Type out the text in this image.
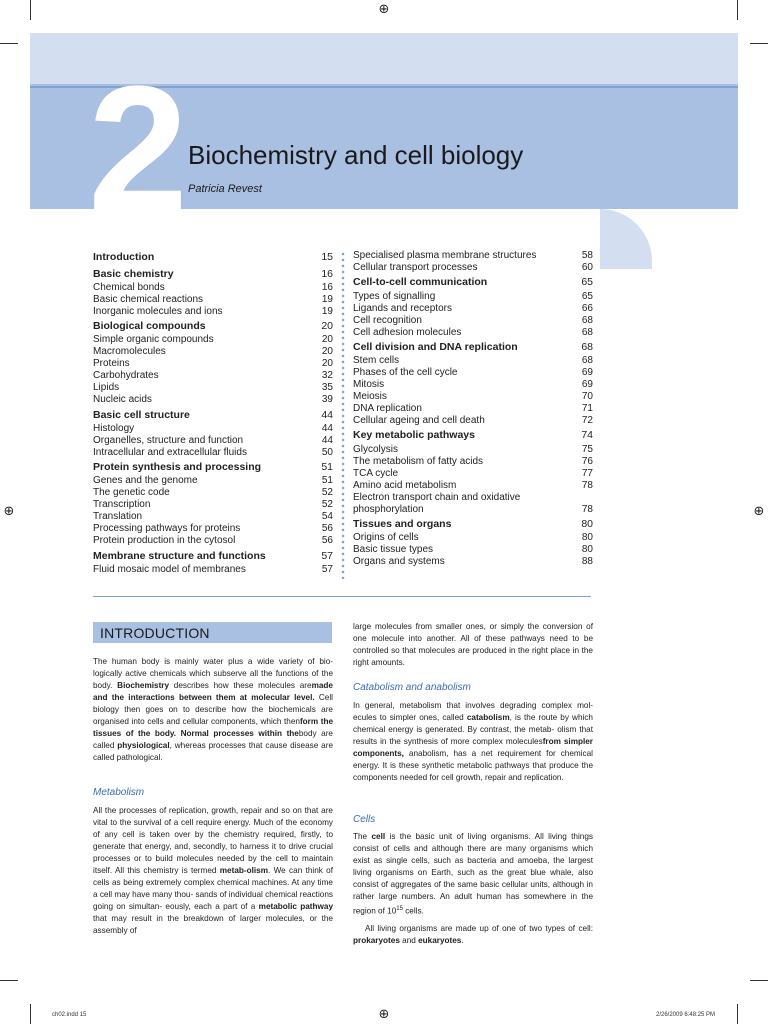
⊕
⊕	⊕
⊕
2 Biochemistry and cell biology
Patricia Revest
Introduction	15
Basic chemistry	16
Chemical bonds	16
Basic chemical reactions	19
Inorganic molecules and ions	19
Biological compounds	20
Simple organic compounds	20
Macromolecules	20
Proteins	20
Carbohydrates	32
Lipids	35
Nucleic acids	39
Basic cell structure	44
Histology	44
Organelles, structure and function	44
Intracellular and extracellular fluids	50
Protein synthesis and processing	51
Genes and the genome	51
The genetic code	52
Transcription	52
Translation	54
Processing pathways for proteins	56
Protein production in the cytosol	56
Membrane structure and functions	57
Fluid mosaic model of membranes	57
Specialised plasma membrane structures	58
Cellular transport processes	60
Cell-to-cell communication	65
Types of signalling	65
Ligands and receptors	66
Cell recognition	68
Cell adhesion molecules	68
Cell division and DNA replication	68
Stem cells	68
Phases of the cell cycle	69
Mitosis	69
Meiosis	70
DNA replication	71
Cellular ageing and cell death	72
Key metabolic pathways	74
Glycolysis	75
The metabolism of fatty acids	76
TCA cycle	77
Amino acid metabolism	78
Electron transport chain and oxidative
phosphorylation	78
Tissues and organs	80
Origins of cells	80
Basic tissue types	80
Organs and systems	88
INTRODUCTION
The human body is mainly water plus a wide variety of bio- logically active chemicals which subserve all the functions of the body. Biochemistry describes how these molecules aremade and the interactions between them at molecular level. Cell biology then goes on to describe how the biochemicals are organised into cells and cellular components, which thenform the tissues of the body. Normal processes within thebody are called physiological, whereas processes that cause disease are called pathological.
Metabolism
All the processes of replication, growth, repair and so on that are vital to the survival of a cell require energy. Much of the economy of any cell is taken over by the chemistry required, firstly, to generate that energy, and, secondly, to harness it to drive crucial processes or to build molecules needed by the cell to maintain itself. All this chemistry is termed metab-olism. We can think of cells as being extremely complex chemical machines. At any time a cell may have many thou- sands of individual chemical reactions going on simultan- eously, each a part of a metabolic pathway that may result in the breakdown of larger molecules, or the assembly of
large molecules from smaller ones, or simply the conversion of one molecule into another. All of these pathways need to be controlled so that molecules are produced in the right place in the right amounts.
Catabolism and anabolism
In general, metabolism that involves degrading complex mol- ecules to simpler ones, called catabolism, is the route by which chemical energy is generated. By contrast, the metab- olism that results in the synthesis of more complex moleculesfrom simpler components, anabolism, has a net requirement for chemical energy. It is these synthetic metabolic pathways that produce the components needed for cell growth, repair and replication.
Cells
The cell is the basic unit of living organisms. All living things consist of cells and although there are many organisms which exist as single cells, such as bacteria and amoeba, the largest living organisms on Earth, such as the great blue whale, also consist of aggregates of the same basic cellular units, although in rather large numbers. An adult human has somewhere in the region of $10^{15}$ cells.
All living organisms are made up of one of two types of cell: prokaryotes and eukaryotes.
ch02.indd 15	2/26/2009 6:48:25 PM
